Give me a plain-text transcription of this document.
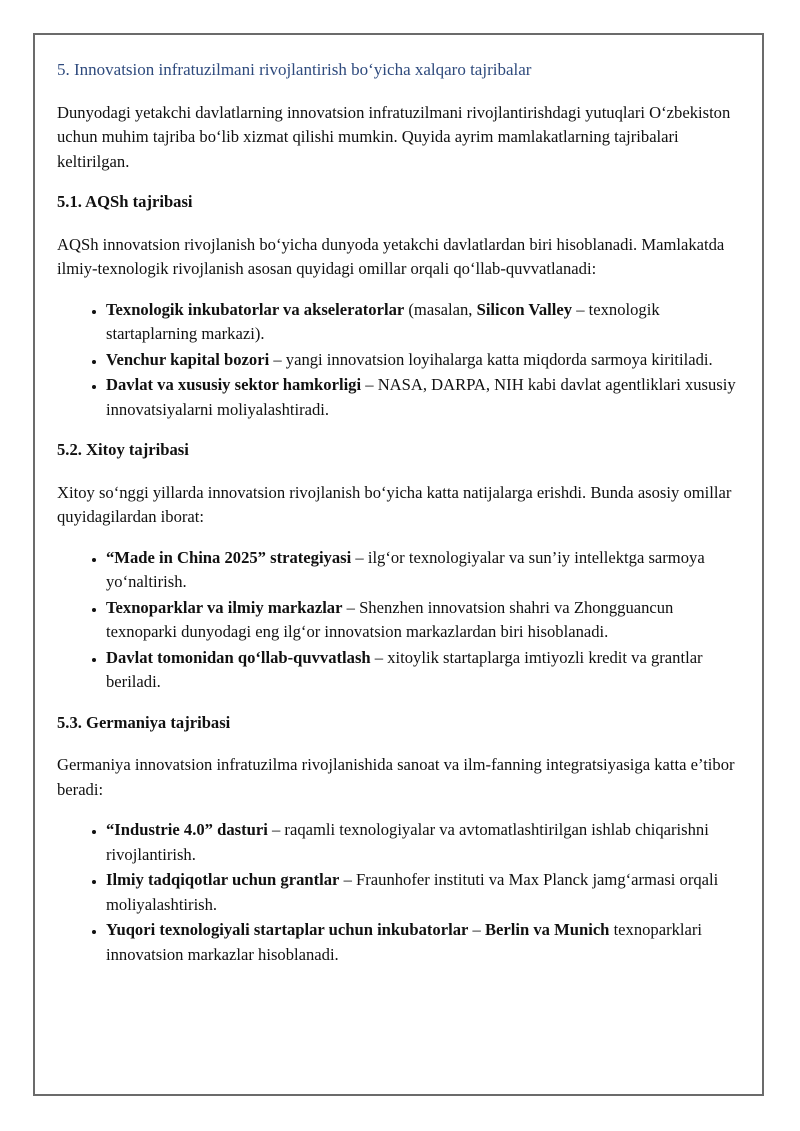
5. Innovatsion infratuzilmani rivojlantirish bo‘yicha xalqaro tajribalar

Dunyodagi yetakchi davlatlarning innovatsion infratuzilmani rivojlantirishdagi yutuqlari O‘zbekiston uchun muhim tajriba bo‘lib xizmat qilishi mumkin. Quyida ayrim mamlakatlarning tajribalari keltirilgan.

5.1. AQSh tajribasi

AQSh innovatsion rivojlanish bo‘yicha dunyoda yetakchi davlatlardan biri hisoblanadi. Mamlakatda ilmiy-texnologik rivojlanish asosan quyidagi omillar orqali qo‘llab-quvvatlanadi:

• Texnologik inkubatorlar va akseleratorlar (masalan, Silicon Valley – texnologik startaplarning markazi).
• Venchur kapital bozori – yangi innovatsion loyihalarga katta miqdorda sarmoya kiritiladi.
• Davlat va xususiy sektor hamkorligi – NASA, DARPA, NIH kabi davlat agentliklari xususiy innovatsiyalarni moliyalashtiradi.
5.2. Xitoy tajribasi

Xitoy so‘nggi yillarda innovatsion rivojlanish bo‘yicha katta natijalarga erishdi. Bunda asosiy omillar quyidagilardan iborat:

• “Made in China 2025” strategiyasi – ilg‘or texnologiyalar va sun’iy intellektga sarmoya yo‘naltirish.
• Texnoparklar va ilmiy markazlar – Shenzhen innovatsion shahri va Zhongguancun texnoparki dunyodagi eng ilg‘or innovatsion markazlardan biri hisoblanadi.
• Davlat tomonidan qo‘llab-quvvatlash – xitoylik startaplarga imtiyozli kredit va grantlar beriladi.
5.3. Germaniya tajribasi

Germaniya innovatsion infratuzilma rivojlanishida sanoat va ilm-fanning integratsiyasiga katta e’tibor beradi:

• “Industrie 4.0” dasturi – raqamli texnologiyalar va avtomatlashtirilgan ishlab chiqarishni rivojlantirish.
• Ilmiy tadqiqotlar uchun grantlar – Fraunhofer instituti va Max Planck jamg‘armasi orqali moliyalashtirish.
• Yuqori texnologiyali startaplar uchun inkubatorlar – Berlin va Munich texnoparklari innovatsion markazlar hisoblanadi.
